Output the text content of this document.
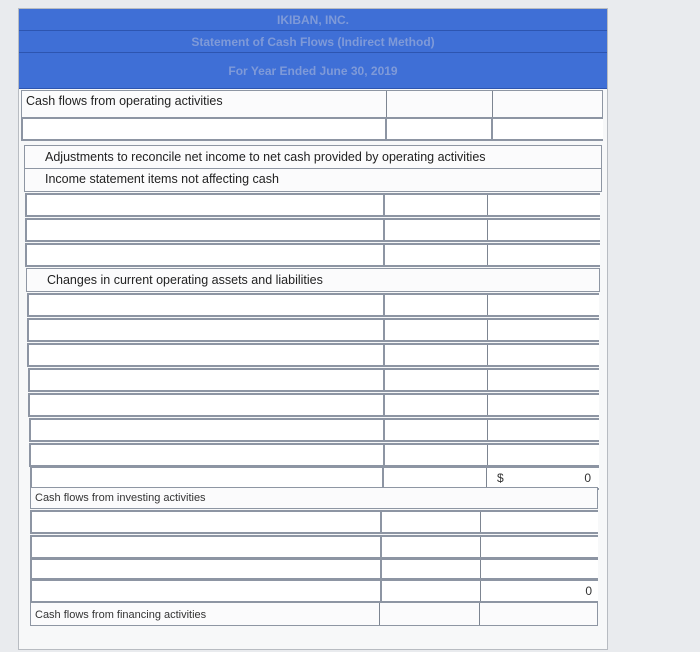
IKIBAN, INC.
Statement of Cash Flows (Indirect Method)
For Year Ended June 30, 2019
Cash flows from operating activities
Adjustments to reconcile net income to net cash provided by operating activities
Income statement items not affecting cash
Changes in current operating assets and liabilities
$	0
Cash flows from investing activities
0
Cash flows from financing activities
